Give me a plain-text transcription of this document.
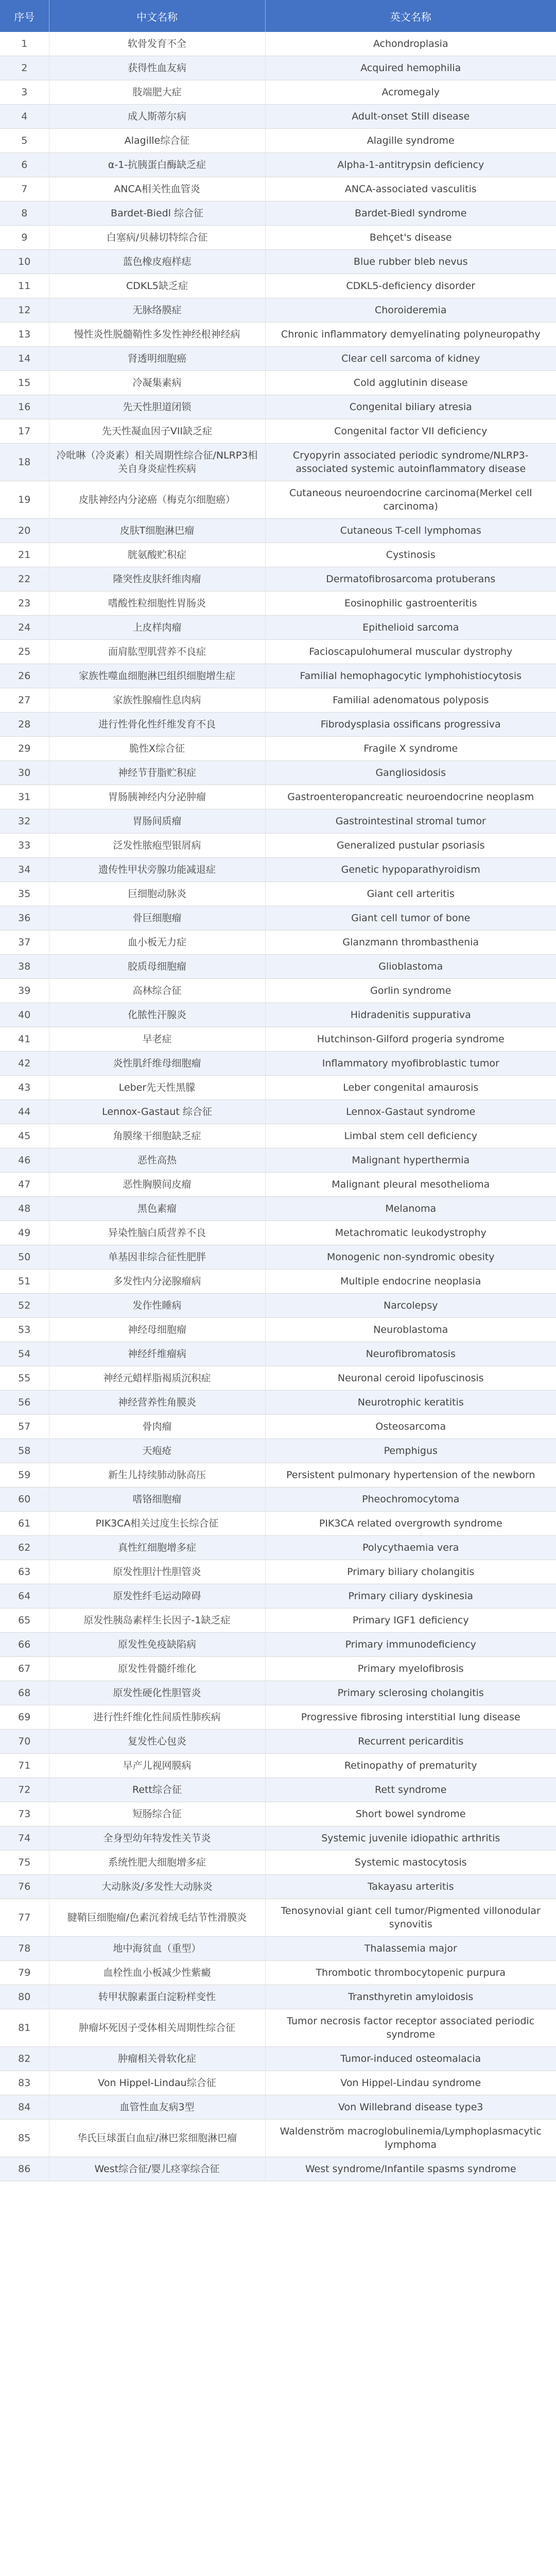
序号	中文名称	英文名称
1	软骨发育不全	Achondroplasia
2	获得性血友病	Acquired hemophilia
3	肢端肥大症	Acromegaly
4	成人斯蒂尔病	Adult-onset Still disease
5	Alagille综合征	Alagille syndrome
6	α-1-抗胰蛋白酶缺乏症	Alpha-1-antitrypsin deficiency
7	ANCA相关性血管炎	ANCA-associated vasculitis
8	Bardet-Biedl 综合征	Bardet-Biedl syndrome
9	白塞病/贝赫切特综合征	Behçet's disease
10	蓝色橡皮疱样痣	Blue rubber bleb nevus
11	CDKL5缺乏症	CDKL5-deficiency disorder
12	无脉络膜症	Choroideremia
13	慢性炎性脱髓鞘性多发性神经根神经病	Chronic inflammatory demyelinating polyneuropathy
14	肾透明细胞癌	Clear cell sarcoma of kidney
15	冷凝集素病	Cold agglutinin disease
16	先天性胆道闭锁	Congenital biliary atresia
17	先天性凝血因子VII缺乏症	Congenital factor VII deficiency
18	冷吡啉（冷炎素）相关周期性综合征/NLRP3相关自身炎症性疾病	Cryopyrin associated periodic syndrome/NLRP3-associated systemic autoinflammatory disease
19	皮肤神经内分泌癌（梅克尔细胞癌）	Cutaneous neuroendocrine carcinoma(Merkel cell carcinoma)
20	皮肤T细胞淋巴瘤	Cutaneous T-cell lymphomas
21	胱氨酸贮积症	Cystinosis
22	隆突性皮肤纤维肉瘤	Dermatofibrosarcoma protuberans
23	嗜酸性粒细胞性胃肠炎	Eosinophilic gastroenteritis
24	上皮样肉瘤	Epithelioid sarcoma
25	面肩肱型肌营养不良症	Facioscapulohumeral muscular dystrophy
26	家族性噬血细胞淋巴组织细胞增生症	Familial hemophagocytic lymphohistiocytosis
27	家族性腺瘤性息肉病	Familial adenomatous polyposis
28	进行性骨化性纤维发育不良	Fibrodysplasia ossificans progressiva
29	脆性X综合征	Fragile X syndrome
30	神经节苷脂贮积症	Gangliosidosis
31	胃肠胰神经内分泌肿瘤	Gastroenteropancreatic neuroendocrine neoplasm
32	胃肠间质瘤	Gastrointestinal stromal tumor
33	泛发性脓疱型银屑病	Generalized pustular psoriasis
34	遗传性甲状旁腺功能减退症	Genetic hypoparathyroidism
35	巨细胞动脉炎	Giant cell arteritis
36	骨巨细胞瘤	Giant cell tumor of bone
37	血小板无力症	Glanzmann thrombasthenia
38	胶质母细胞瘤	Glioblastoma
39	高林综合征	Gorlin syndrome
40	化脓性汗腺炎	Hidradenitis suppurativa
41	早老症	Hutchinson-Gilford progeria syndrome
42	炎性肌纤维母细胞瘤	Inflammatory myofibroblastic tumor
43	Leber先天性黑朦	Leber congenital amaurosis
44	Lennox-Gastaut 综合征	Lennox-Gastaut syndrome
45	角膜缘干细胞缺乏症	Limbal stem cell deficiency
46	恶性高热	Malignant hyperthermia
47	恶性胸膜间皮瘤	Malignant pleural mesothelioma
48	黑色素瘤	Melanoma
49	异染性脑白质营养不良	Metachromatic leukodystrophy
50	单基因非综合征性肥胖	Monogenic non-syndromic obesity
51	多发性内分泌腺瘤病	Multiple endocrine neoplasia
52	发作性睡病	Narcolepsy
53	神经母细胞瘤	Neuroblastoma
54	神经纤维瘤病	Neurofibromatosis
55	神经元蜡样脂褐质沉积症	Neuronal ceroid lipofuscinosis
56	神经营养性角膜炎	Neurotrophic keratitis
57	骨肉瘤	Osteosarcoma
58	天疱疮	Pemphigus
59	新生儿持续肺动脉高压	Persistent pulmonary hypertension of the newborn
60	嗜铬细胞瘤	Pheochromocytoma
61	PIK3CA相关过度生长综合征	PIK3CA related overgrowth syndrome
62	真性红细胞增多症	Polycythaemia vera
63	原发性胆汁性胆管炎	Primary biliary cholangitis
64	原发性纤毛运动障碍	Primary ciliary dyskinesia
65	原发性胰岛素样生长因子-1缺乏症	Primary IGF1 deficiency
66	原发性免疫缺陷病	Primary immunodeficiency
67	原发性骨髓纤维化	Primary myelofibrosis
68	原发性硬化性胆管炎	Primary sclerosing cholangitis
69	进行性纤维化性间质性肺疾病	Progressive fibrosing interstitial lung disease
70	复发性心包炎	Recurrent pericarditis
71	早产儿视网膜病	Retinopathy of prematurity
72	Rett综合征	Rett syndrome
73	短肠综合征	Short bowel syndrome
74	全身型幼年特发性关节炎	Systemic juvenile idiopathic arthritis
75	系统性肥大细胞增多症	Systemic mastocytosis
76	大动脉炎/多发性大动脉炎	Takayasu arteritis
77	腱鞘巨细胞瘤/色素沉着绒毛结节性滑膜炎	Tenosynovial giant cell tumor/Pigmented villonodular synovitis
78	地中海贫血（重型）	Thalassemia major
79	血栓性血小板减少性紫癜	Thrombotic thrombocytopenic purpura
80	转甲状腺素蛋白淀粉样变性	Transthyretin amyloidosis
81	肿瘤坏死因子受体相关周期性综合征	Tumor necrosis factor receptor associated periodic syndrome
82	肿瘤相关骨软化症	Tumor-induced osteomalacia
83	Von Hippel-Lindau综合征	Von Hippel-Lindau syndrome
84	血管性血友病3型	Von Willebrand disease type3
85	华氏巨球蛋白血症/淋巴浆细胞淋巴瘤	Waldenström macroglobulinemia/Lymphoplasmacytic lymphoma
86	West综合征/婴儿痉挛综合征	West syndrome/Infantile spasms syndrome
